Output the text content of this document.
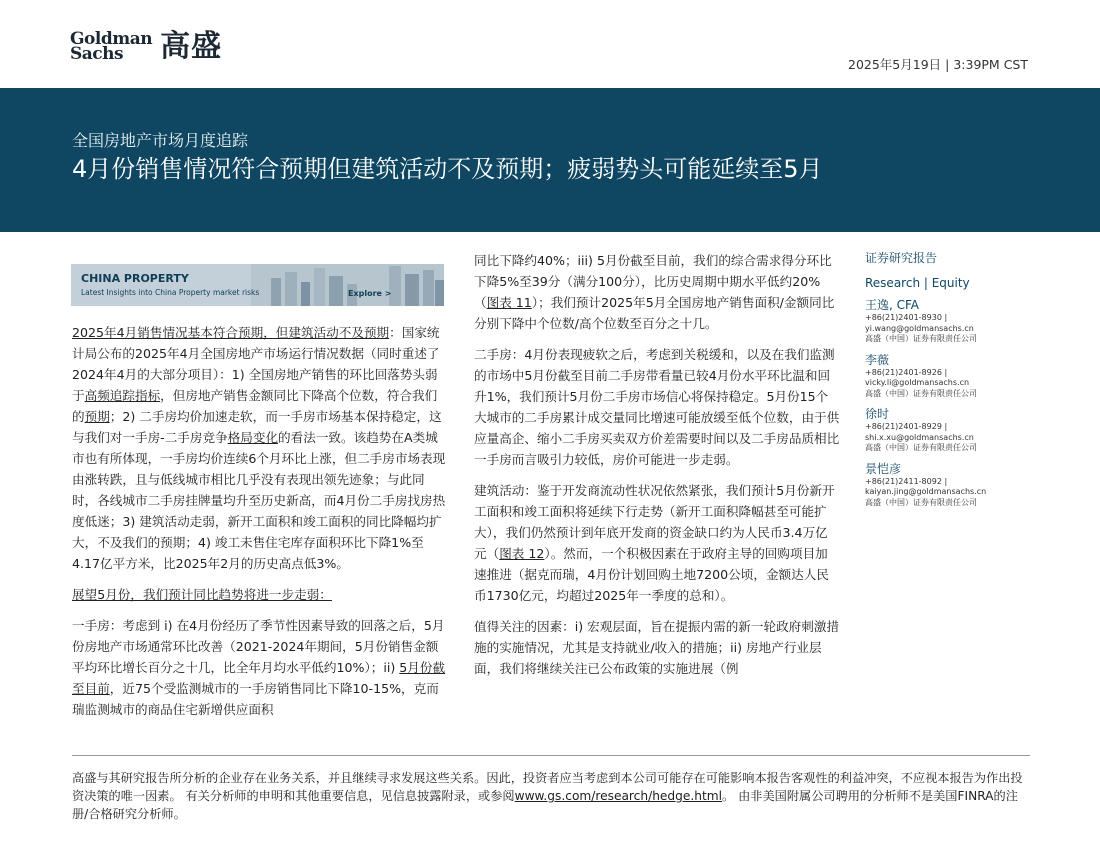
Goldman
Sachs	高盛
2025年5月19日 | 3:39PM CST
全国房地产市场月度追踪
4月份销售情况符合预期但建筑活动不及预期；疲弱势头可能延续至5月
CHINA PROPERTY
Latest Insights into China Property market risks	Explore >

2025年4月销售情况基本符合预期，但建筑活动不及预期：国家统计局公布的2025年4月全国房地产市场运行情况数据（同时重述了2024年4月的大部分项目）：1) 全国房地产销售的环比回落势头弱于高频追踪指标，但房地产销售金额同比下降高个位数，符合我们的预期；2) 二手房均价加速走软，而一手房市场基本保持稳定，这与我们对一手房-二手房竞争格局变化的看法一致。该趋势在A类城市也有所体现，一手房均价连续6个月环比上涨，但二手房市场表现由涨转跌，且与低线城市相比几乎没有表现出领先迹象；与此同时，各线城市二手房挂牌量均升至历史新高，而4月份二手房找房热度低迷；3) 建筑活动走弱，新开工面积和竣工面积的同比降幅均扩大，不及我们的预期；4) 竣工未售住宅库存面积环比下降1%至4.17亿平方米，比2025年2月的历史高点低3%。

展望5月份，我们预计同比趋势将进一步走弱：

一手房：考虑到 i) 在4月份经历了季节性因素导致的回落之后，5月份房地产市场通常环比改善（2021-2024年期间，5月份销售金额平均环比增长百分之十几，比全年月均水平低约10%）；ii) 5月份截至目前，近75个受监测城市的一手房销售同比下降10-15%，克而瑞监测城市的商品住宅新增供应面积

同比下降约40%；iii) 5月份截至目前，我们的综合需求得分环比下降5%至39分（满分100分），比历史周期中期水平低约20%（图表 11）；我们预计2025年5月全国房地产销售面积/金额同比分别下降中个位数/高个位数至百分之十几。

二手房：4月份表现疲软之后，考虑到关税缓和，以及在我们监测的市场中5月份截至目前二手房带看量已较4月份水平环比温和回升1%，我们预计5月份二手房市场信心将保持稳定。5月份15个大城市的二手房累计成交量同比增速可能放缓至低个位数，由于供应量高企、缩小二手房买卖双方价差需要时间以及二手房品质相比一手房而言吸引力较低，房价可能进一步走弱。

建筑活动：鉴于开发商流动性状况依然紧张，我们预计5月份新开工面积和竣工面积将延续下行走势（新开工面积降幅甚至可能扩大），我们仍然预计到年底开发商的资金缺口约为人民币3.4万亿元（图表 12）。然而，一个积极因素在于政府主导的回购项目加速推进（据克而瑞，4月份计划回购土地7200公顷，金额达人民币1730亿元，均超过2025年一季度的总和）。

值得关注的因素：i) 宏观层面，旨在提振内需的新一轮政府刺激措施的实施情况，尤其是支持就业/收入的措施；ii) 房地产行业层面，我们将继续关注已公布政策的实施进展（例

证券研究报告
Research | Equity
王逸, CFA
+86(21)2401-8930 |
yi.wang@goldmansachs.cn
高盛（中国）证券有限责任公司
李薇
+86(21)2401-8926 |
vicky.li@goldmansachs.cn
高盛（中国）证券有限责任公司
徐时
+86(21)2401-8929 |
shi.x.xu@goldmansachs.cn
高盛（中国）证券有限责任公司
景恺彦
+86(21)2411-8092 |
kaiyan.jing@goldmansachs.cn
高盛（中国）证券有限责任公司
高盛与其研究报告所分析的企业存在业务关系，并且继续寻求发展这些关系。因此，投资者应当考虑到本公司可能存在可能影响本报告客观性的利益冲突，不应视本报告为作出投资决策的唯一因素。 有关分析师的申明和其他重要信息，见信息披露附录，或参阅www.gs.com/research/hedge.html。 由非美国附属公司聘用的分析师不是美国FINRA的注册/合格研究分析师。
